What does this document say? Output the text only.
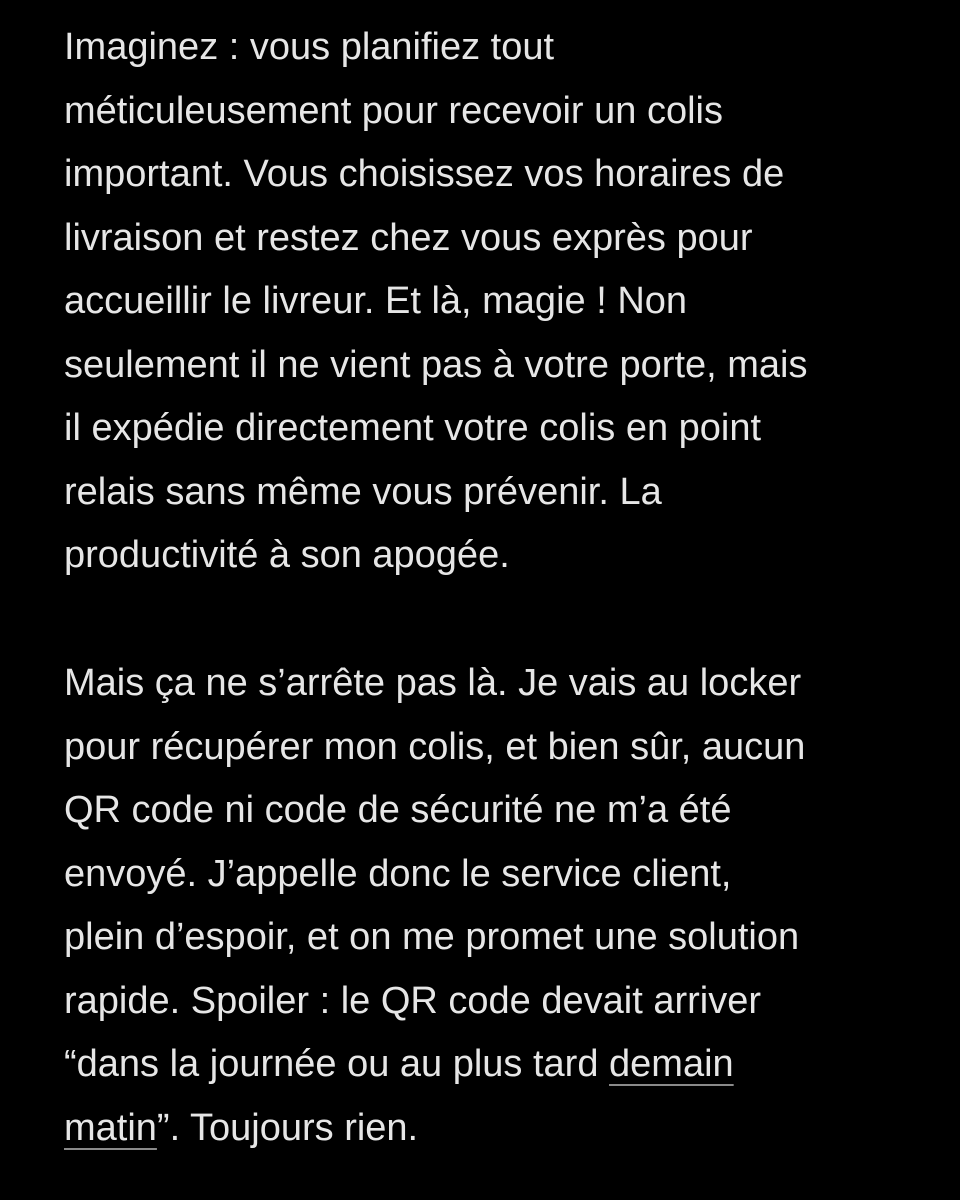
Imaginez : vous planifiez tout
méticuleusement pour recevoir un colis
important. Vous choisissez vos horaires de
livraison et restez chez vous exprès pour
accueillir le livreur. Et là, magie ! Non
seulement il ne vient pas à votre porte, mais
il expédie directement votre colis en point
relais sans même vous prévenir. La
productivité à son apogée.

Mais ça ne s’arrête pas là. Je vais au locker
pour récupérer mon colis, et bien sûr, aucun
QR code ni code de sécurité ne m’a été
envoyé. J’appelle donc le service client,
plein d’espoir, et on me promet une solution
rapide. Spoiler : le QR code devait arriver
“dans la journée ou au plus tard demain
matin”. Toujours rien.
